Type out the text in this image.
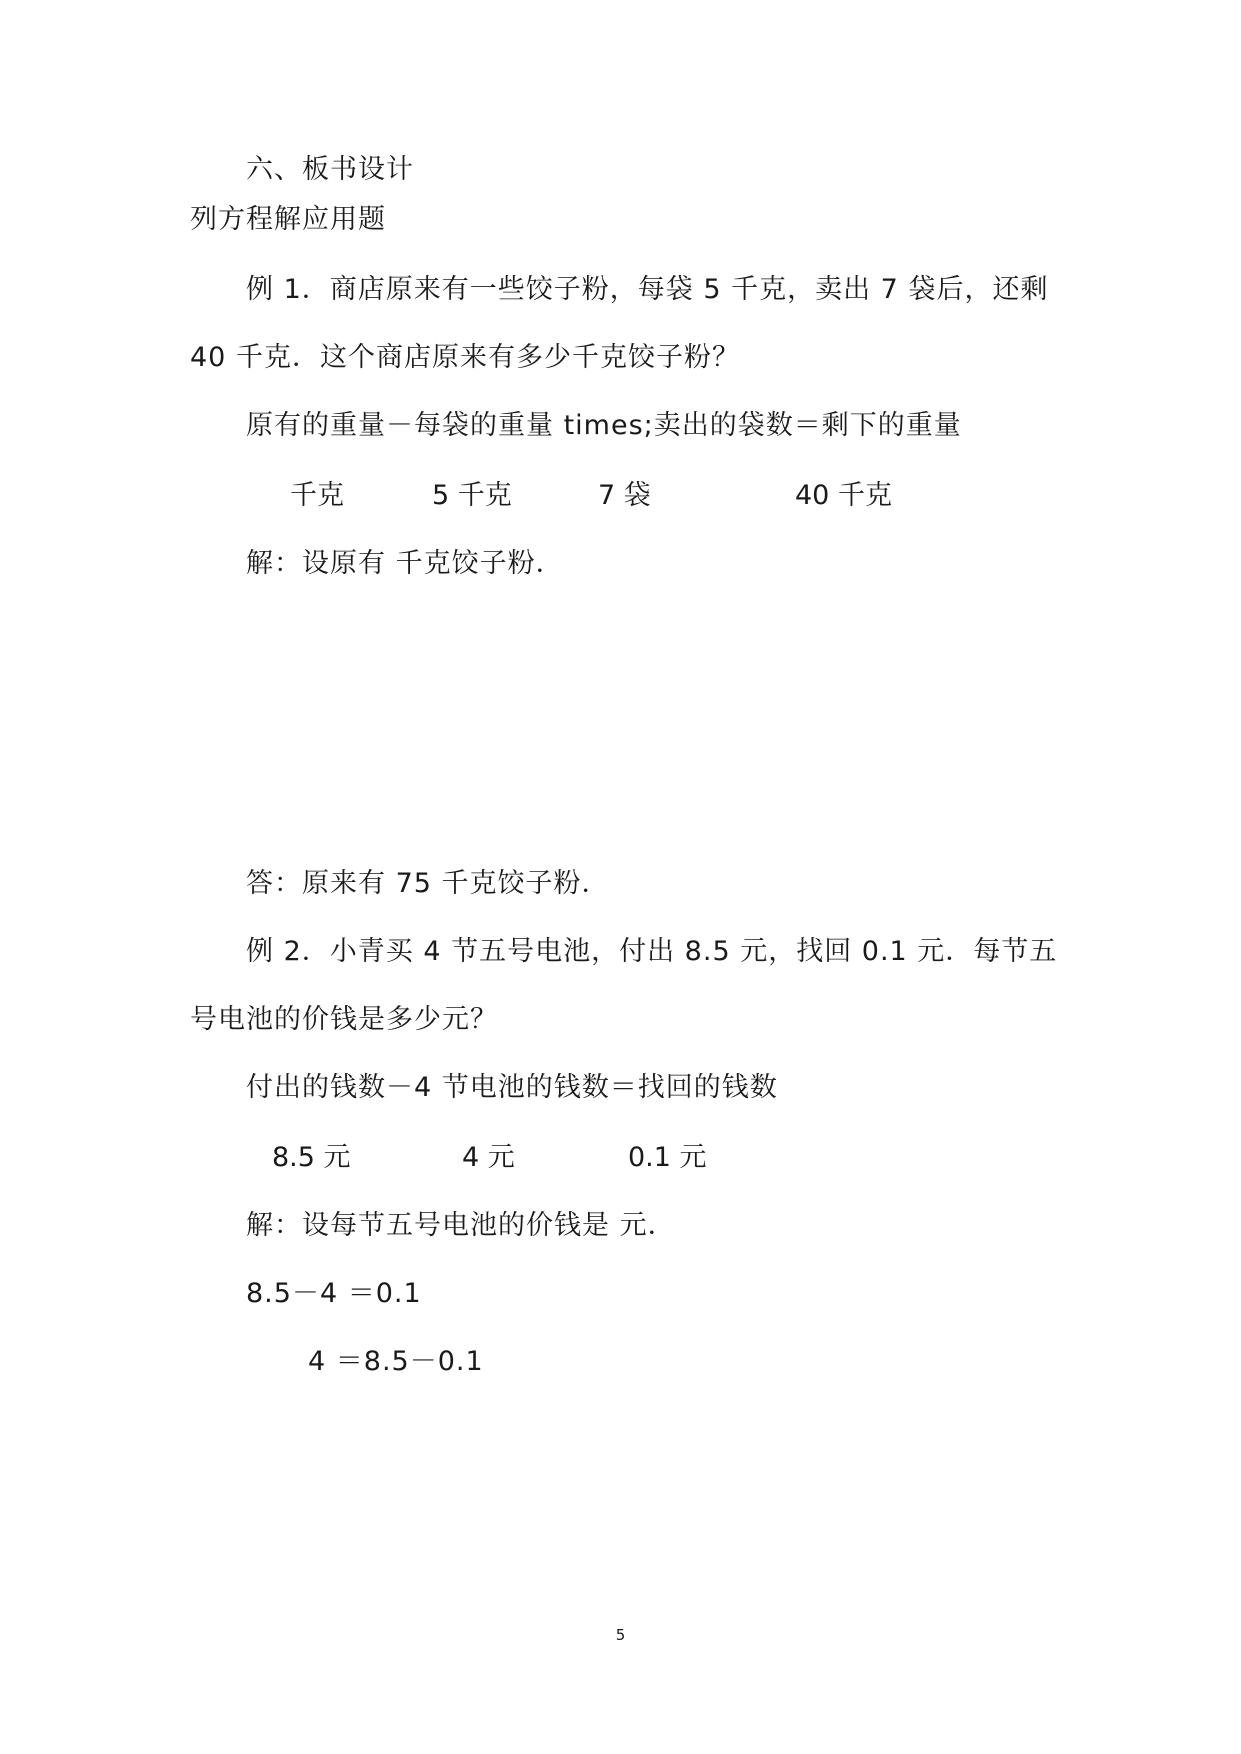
六、板书设计
列方程解应用题
例 1．商店原来有一些饺子粉，每袋 5 千克，卖出 7 袋后，还剩
40 千克．这个商店原来有多少千克饺子粉？
原有的重量－每袋的重量 times;卖出的袋数＝剩下的重量
千克	5 千克	7 袋	40 千克
解：设原有 千克饺子粉．
答：原来有 75 千克饺子粉．
例 2．小青买 4 节五号电池，付出 8.5 元，找回 0.1 元．每节五
号电池的价钱是多少元？
付出的钱数－4 节电池的钱数＝找回的钱数
8.5 元	4 元	0.1 元
解：设每节五号电池的价钱是 元．
8.5－4 ＝0.1
4 ＝8.5－0.1
5
